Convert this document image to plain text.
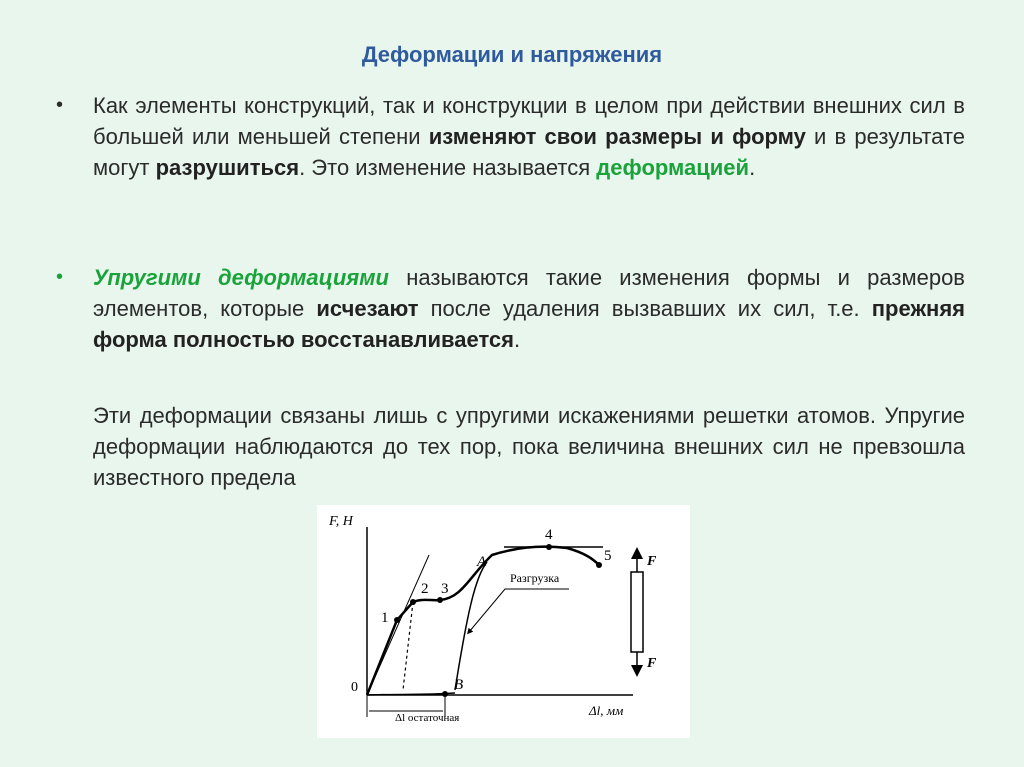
Деформации и напряжения
• Как элементы конструкций, так и конструкции в целом при действии внешних сил в большей или меньшей степени изменяют свои размеры и форму и в результате могут разрушиться. Это изменение называется деформацией.
• Упругими деформациями называются такие изменения формы и размеров элементов, которые исчезают после удаления вызвавших их сил, т.е. прежняя форма полностью восстанавливается.
Эти деформации связаны лишь с упругими искажениями решетки атомов. Упругие деформации наблюдаются до тех пор, пока величина внешних сил не превзошла известного предела
F, Н
Δl, мм
0
1
2 3
4
5
A
B
Разгрузка
Δl остаточная
F
F
